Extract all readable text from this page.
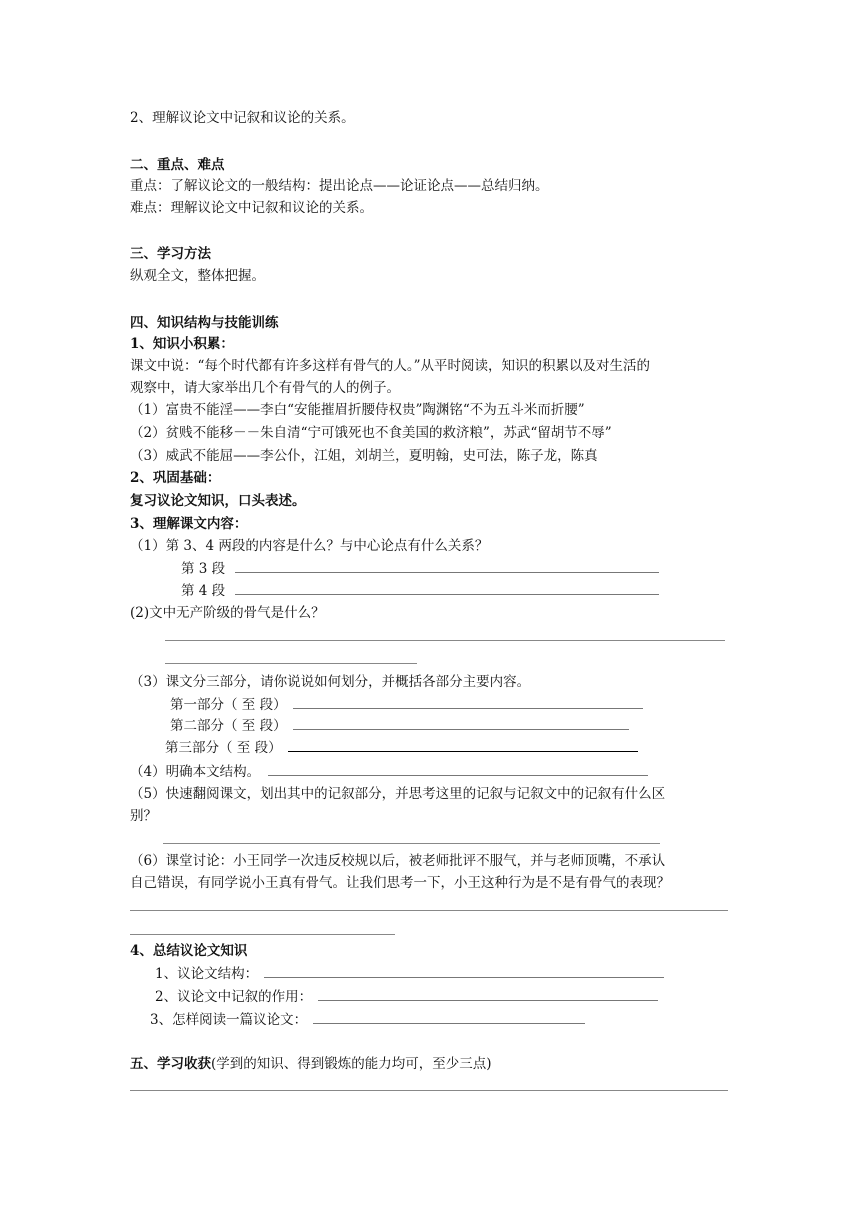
2、理解议论文中记叙和议论的关系。
二、重点、难点
重点：了解议论文的一般结构：提出论点——论证论点——总结归纳。
难点：理解议论文中记叙和议论的关系。
三、学习方法
纵观全文，整体把握。
四、知识结构与技能训练
1、知识小积累：
课文中说：“每个时代都有许多这样有骨气的人。”从平时阅读，知识的积累以及对生活的
观察中，请大家举出几个有骨气的人的例子。
（1）富贵不能淫——李白“安能摧眉折腰侍权贵”陶渊铭“不为五斗米而折腰”
（2）贫贱不能移－－朱自清“宁可饿死也不食美国的救济粮”，苏武“留胡节不辱”
（3）威武不能屈——李公仆，江姐，刘胡兰，夏明翰，史可法，陈子龙，陈真
2、巩固基础：
复习议论文知识，口头表述。
3、理解课文内容：
（1）第 3、4 两段的内容是什么？与中心论点有什么关系？
第 3 段
第 4 段
(2)文中无产阶级的骨气是什么？
（3）课文分三部分，请你说说如何划分，并概括各部分主要内容。
第一部分（ 至 段）
第二部分（ 至 段）
第三部分（ 至 段）
（4）明确本文结构。
（5）快速翻阅课文，划出其中的记叙部分，并思考这里的记叙与记叙文中的记叙有什么区
别？
（6）课堂讨论：小王同学一次违反校规以后，被老师批评不服气，并与老师顶嘴，不承认
自己错误，有同学说小王真有骨气。让我们思考一下，小王这种行为是不是有骨气的表现？
4、总结议论文知识
1、议论文结构：
2、议论文中记叙的作用：
3、怎样阅读一篇议论文：
五、学习收获(学到的知识、得到锻炼的能力均可，至少三点)
